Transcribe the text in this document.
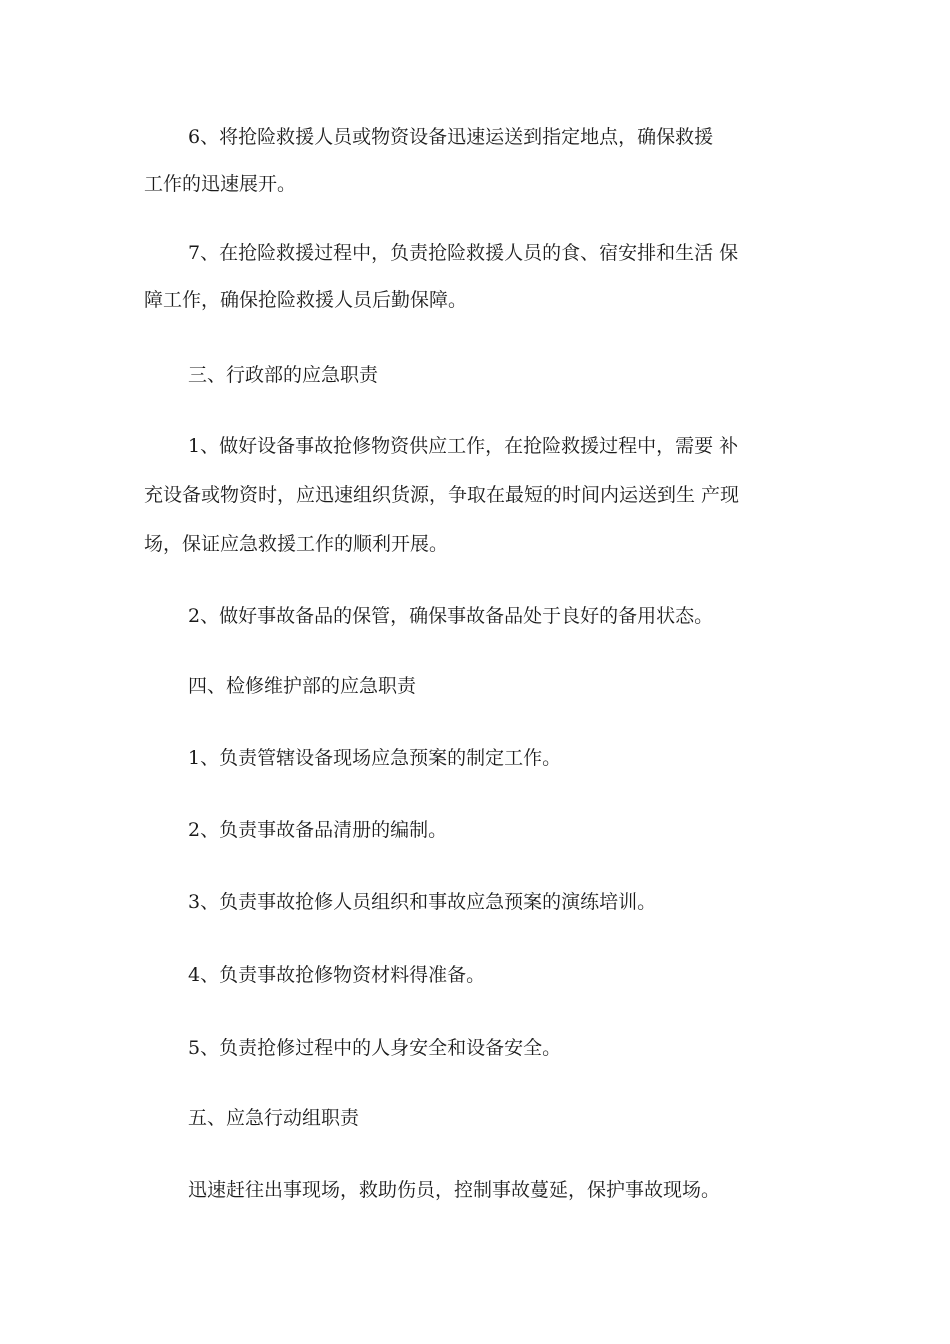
6、将抢险救援人员或物资设备迅速运送到指定地点，确保救援
工作的迅速展开。
7、在抢险救援过程中，负责抢险救援人员的食、宿安排和生活 保
障工作，确保抢险救援人员后勤保障。
三、行政部的应急职责
1、做好设备事故抢修物资供应工作，在抢险救援过程中，需要 补
充设备或物资时，应迅速组织货源，争取在最短的时间内运送到生 产现
场，保证应急救援工作的顺利开展。
2、做好事故备品的保管，确保事故备品处于良好的备用状态。
四、检修维护部的应急职责
1、负责管辖设备现场应急预案的制定工作。
2、负责事故备品清册的编制。
3、负责事故抢修人员组织和事故应急预案的演练培训。
4、负责事故抢修物资材料得准备。
5、负责抢修过程中的人身安全和设备安全。
五、应急行动组职责
迅速赶往出事现场，救助伤员，控制事故蔓延，保护事故现场。
